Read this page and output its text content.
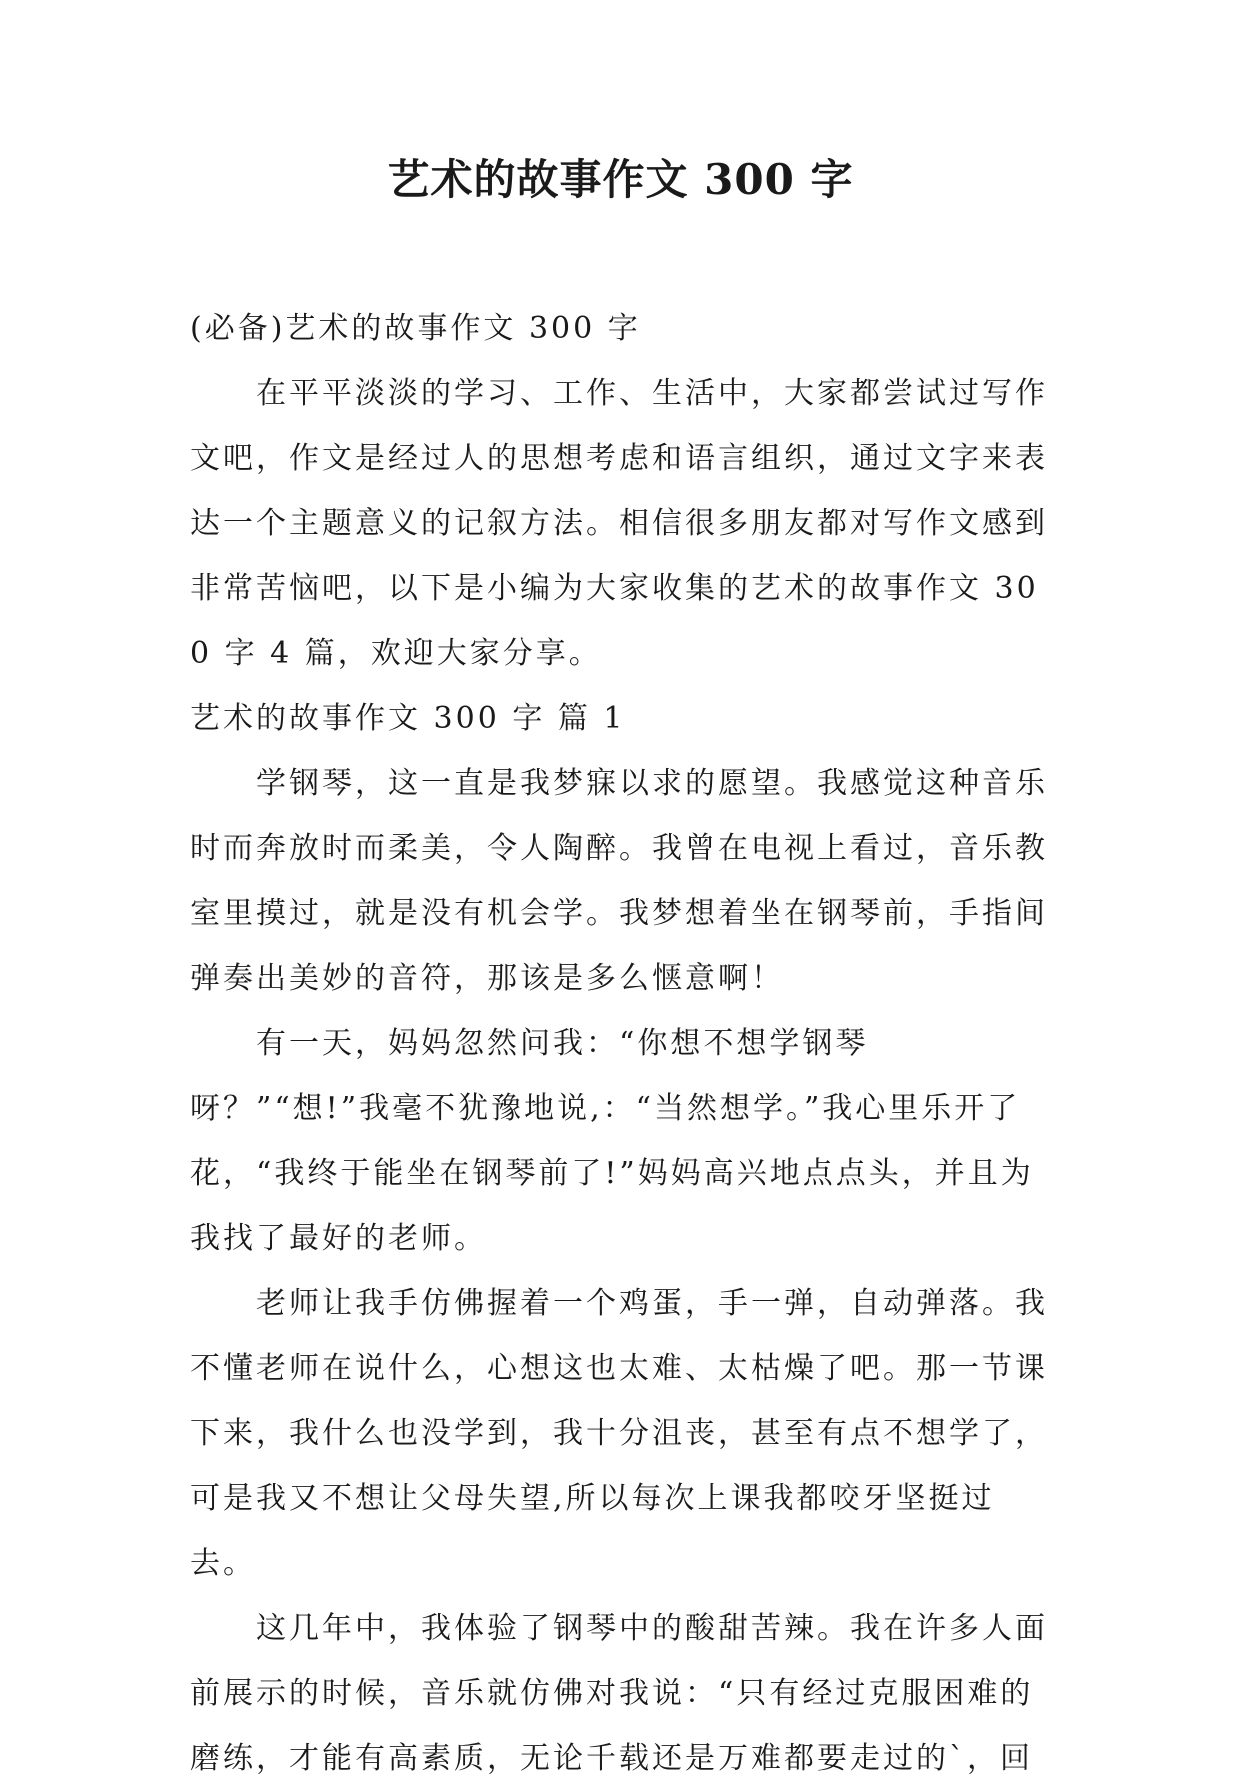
艺术的故事作文 300 字

(必备)艺术的故事作文 300 字

在平平淡淡的学习、工作、生活中，大家都尝试过写作文吧，作文是经过人的思想考虑和语言组织，通过文字来表达一个主题意义的记叙方法。相信很多朋友都对写作文感到非常苦恼吧，以下是小编为大家收集的艺术的故事作文 300 字 4 篇，欢迎大家分享。

艺术的故事作文 300 字 篇 1

学钢琴，这一直是我梦寐以求的愿望。我感觉这种音乐时而奔放时而柔美，令人陶醉。我曾在电视上看过，音乐教室里摸过，就是没有机会学。我梦想着坐在钢琴前，手指间弹奏出美妙的音符，那该是多么惬意啊！

有一天，妈妈忽然问我：“你想不想学钢琴呀？”“想!”我毫不犹豫地说,：“当然想学。”我心里乐开了花，“我终于能坐在钢琴前了!”妈妈高兴地点点头，并且为我找了最好的老师。

老师让我手仿佛握着一个鸡蛋，手一弹，自动弹落。我不懂老师在说什么，心想这也太难、太枯燥了吧。那一节课下来，我什么也没学到，我十分沮丧，甚至有点不想学了，可是我又不想让父母失望,所以每次上课我都咬牙坚挺过去。

这几年中，我体验了钢琴中的酸甜苦辣。我在许多人面前展示的时候，音乐就仿佛对我说：“只有经过克服困难的磨练，才能有高素质，无论千载还是万难都要走过的`，回
